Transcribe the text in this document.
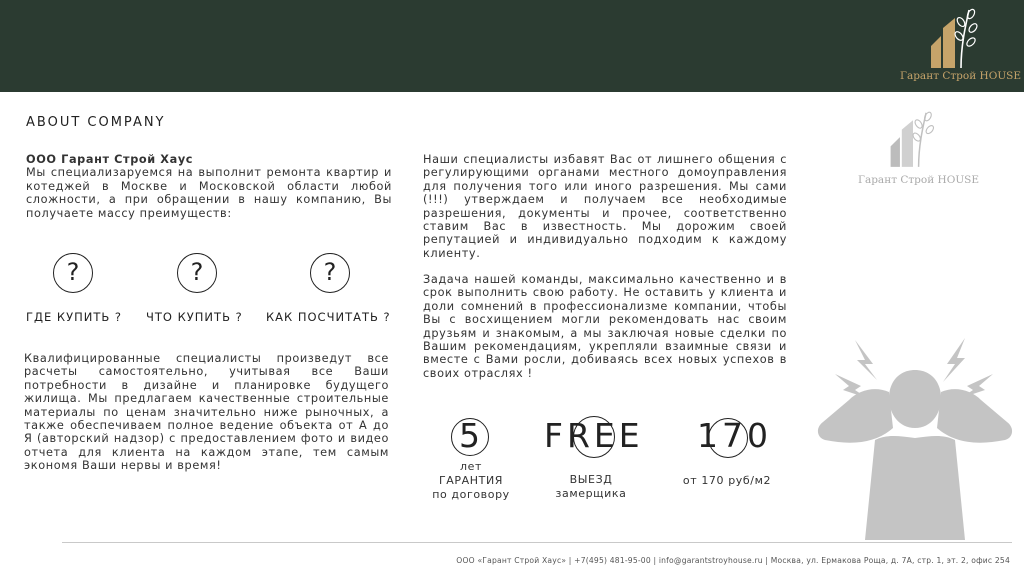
Гарант Строй HOUSE
ABOUT COMPANY
ООО Гарант Строй Хаус
Мы специализаруемся на выполнит ремонта квартир и котеджей в Москве и Московской области любой сложности, а при обращении в нашу компанию, Вы получаете массу преимуществ:
?
ГДЕ КУПИТЬ ?
?
ЧТО КУПИТЬ ?
?
КАК ПОСЧИТАТЬ ?
Квалифицированные специалисты произведут все расчеты самостоятельно, учитывая все Ваши потребности в дизайне и планировке будущего жилища. Мы предлагаем качественные строительные материалы по ценам значительно ниже рыночных, а также обеспечиваем полное ведение объекта от А до Я (авторский надзор) с предоставлением фото и видео отчета для клиента на каждом этапе, тем самым экономя Ваши нервы и время!
Наши специалисты избавят Вас от лишнего общения с регулирующими органами местного домоуправления для получения того или иного разрешения. Мы сами (!!!) утверждаем и получаем все необходимые разрешения, документы и прочее, соответственно ставим Вас в известность. Мы дорожим своей репутацией и индивидуально подходим к каждому клиенту.
Задача нашей команды, максимально качественно и в срок выполнить свою работу. Не оставить у клиента и доли сомнений в профессионализме компании, чтобы Вы с восхищением могли рекомендовать нас своим друзьям и знакомым, а мы заключая новые сделки по Вашим рекомендациям, укрепляли взаимные связи и вместе с Вами росли, добиваясь всех новых успехов в своих отраслях !
5
лет
ГАРАНТИЯ
по договору
FREE
ВЫЕЗД
замерщика
170
от 170 руб/м2
Гарант Строй HOUSE
ООО «Гарант Строй Хаус» | +7(495) 481-95-00 | info@garantstroyhouse.ru | Москва, ул. Ермакова Роща, д. 7А, стр. 1, эт. 2, офис 254
